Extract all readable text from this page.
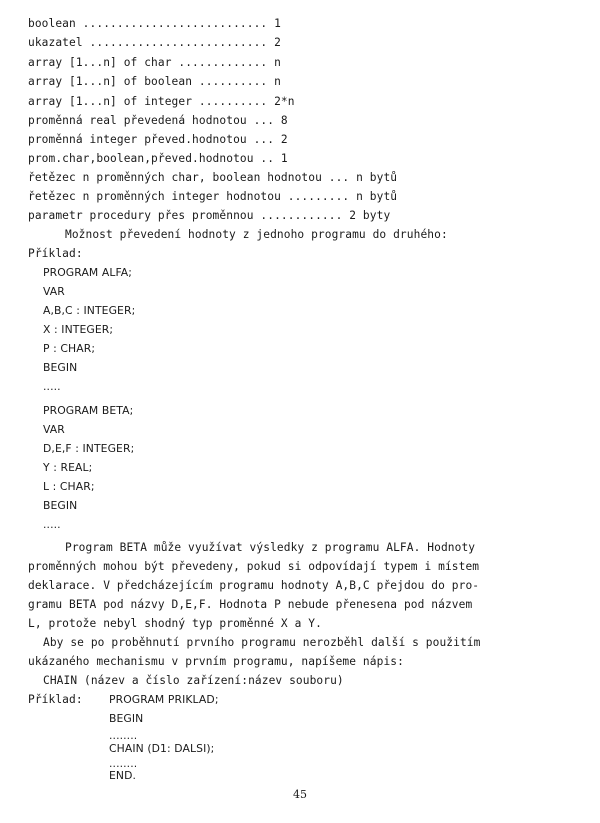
boolean ........................... 1
ukazatel .......................... 2
array [1...n] of char ............. n
array [1...n] of boolean .......... n
array [1...n] of integer .......... 2*n
proměnná real převedená hodnotou ... 8
proměnná integer převed.hodnotou ... 2
prom.char,boolean,převed.hodnotou .. 1
řetězec n proměnných char, boolean hodnotou ... n bytů
řetězec n proměnných integer hodnotou ......... n bytů
parametr procedury přes proměnnou ............ 2 byty
Možnost převedení hodnoty z jednoho programu do druhého:
Příklad:
PROGRAM ALFA;
VAR
A,B,C : INTEGER;
X : INTEGER;
P : CHAR;
BEGIN
.....
PROGRAM BETA;
VAR
D,E,F : INTEGER;
Y : REAL;
L : CHAR;
BEGIN
.....
Program BETA může využívat výsledky z programu ALFA. Hodnoty
proměnných mohou být převedeny, pokud si odpovídají typem i místem
deklarace. V předcházejícím programu hodnoty A,B,C přejdou do pro-
gramu BETA pod názvy D,E,F. Hodnota P nebude přenesena pod názvem
L, protože nebyl shodný typ proměnné X a Y.
Aby se po proběhnutí prvního programu nerozběhl další s použitím
ukázaného mechanismu v prvním programu, napíšeme nápis:
CHAIN (název a číslo zařízení:název souboru)
Příklad: PROGRAM PRIKLAD;
BEGIN
........
CHAIN (D1: DALSI);
........
END.
45
